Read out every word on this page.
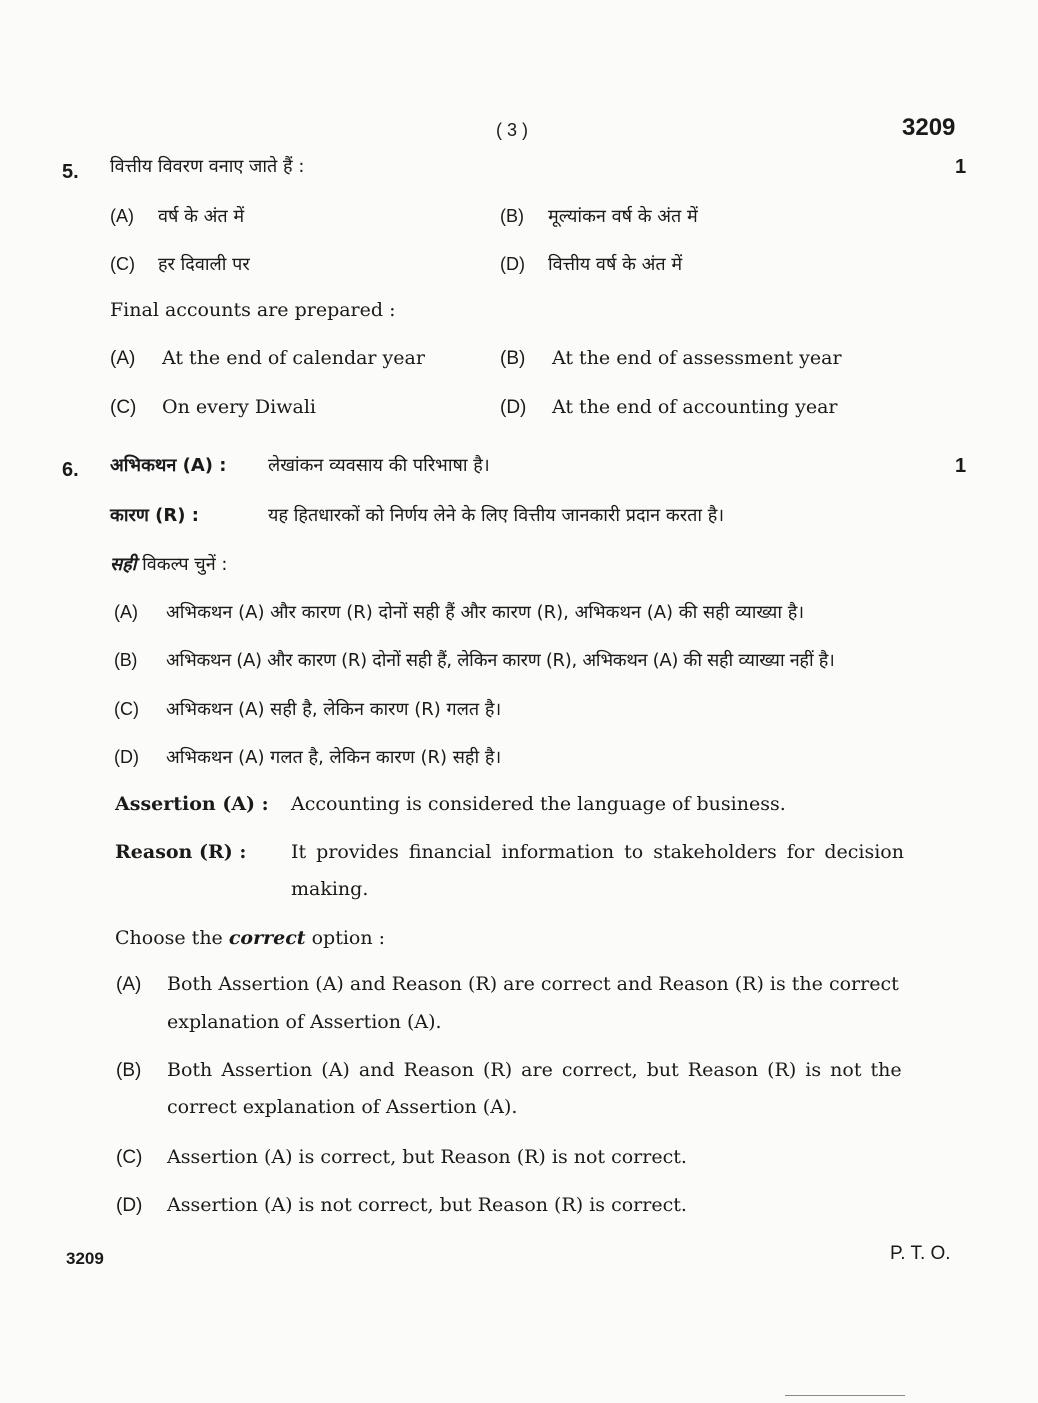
( 3 )	3209
5. वित्तीय विवरण वनाए जाते हैं :	1
(A) वर्ष के अंत में	(B) मूल्यांकन वर्ष के अंत में
(C) हर दिवाली पर	(D) वित्तीय वर्ष के अंत में
Final accounts are prepared :
(A) At the end of calendar year	(B) At the end of assessment year
(C) On every Diwali	(D) At the end of accounting year
6. अभिकथन (A) : लेखांकन व्यवसाय की परिभाषा है।	1
कारण (R) :	यह हितधारकों को निर्णय लेने के लिए वित्तीय जानकारी प्रदान करता है।
सही विकल्प चुनें :
(A) अभिकथन (A) और कारण (R) दोनों सही हैं और कारण (R), अभिकथन (A) की सही व्याख्या है।
(B) अभिकथन (A) और कारण (R) दोनों सही हैं, लेकिन कारण (R), अभिकथन (A) की सही व्याख्या नहीं है।
(C) अभिकथन (A) सही है, लेकिन कारण (R) गलत है।
(D) अभिकथन (A) गलत है, लेकिन कारण (R) सही है।
Assertion (A) : Accounting is considered the language of business.
Reason (R) : It provides financial information to stakeholders for decision
making.
Choose the correct option :
(A) Both Assertion (A) and Reason (R) are correct and Reason (R) is the correct
explanation of Assertion (A).
(B) Both Assertion (A) and Reason (R) are correct, but Reason (R) is not the
correct explanation of Assertion (A).
(C) Assertion (A) is correct, but Reason (R) is not correct.
(D) Assertion (A) is not correct, but Reason (R) is correct.
3209	P. T. O.
